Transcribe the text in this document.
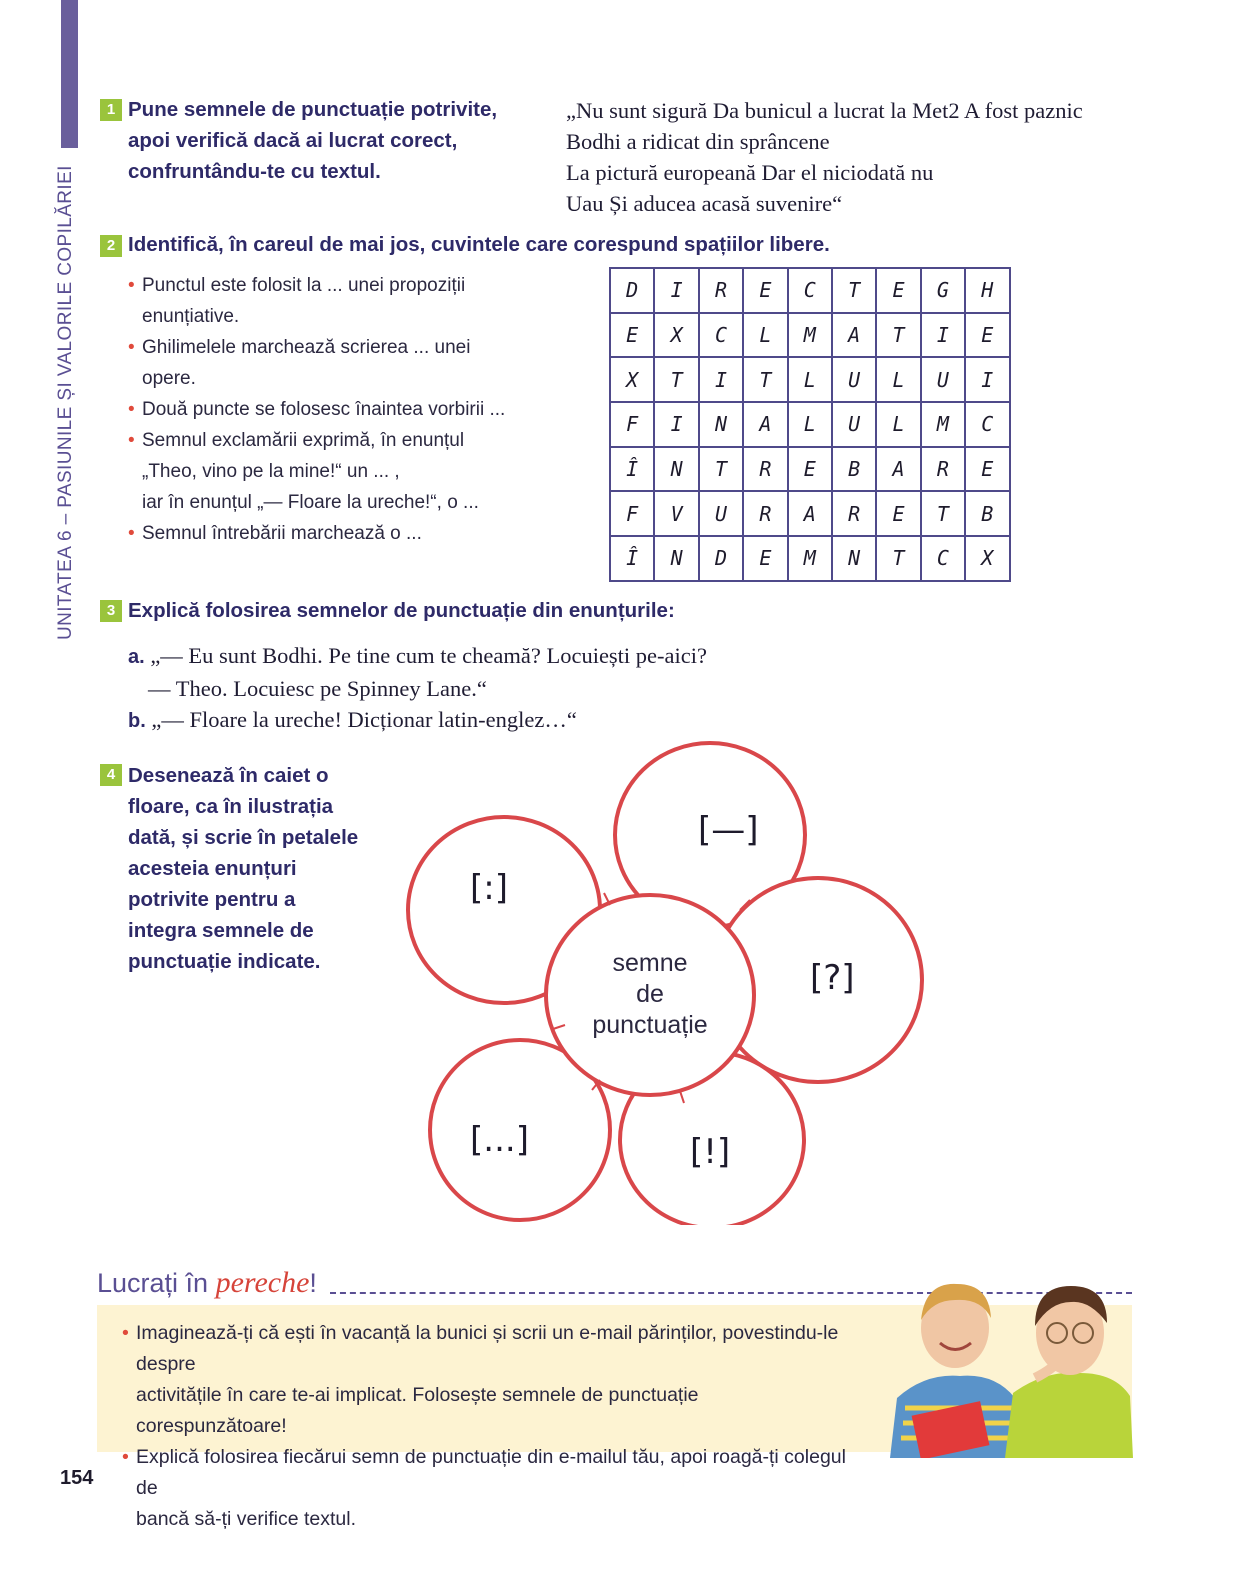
UNITATEA 6 – PASIUNILE ȘI VALORILE COPILĂRIEI
1 Pune semnele de punctuație potrivite,
apoi verifică dacă ai lucrat corect,
confruntându-te cu textul.
„Nu sunt sigură Da bunicul a lucrat la Met2 A fost paznic
Bodhi a ridicat din sprâncene
La pictură europeană Dar el niciodată nu
Uau Și aducea acasă suvenire“
2 Identifică, în careul de mai jos, cuvintele care corespund spațiilor libere.
• Punctul este folosit la ... unei propoziții
enunțiative.
• Ghilimelele marchează scrierea ... unei
opere.
• Două puncte se folosesc înaintea vorbirii ...
• Semnul exclamării exprimă, în enunțul
„Theo, vino pe la mine!“ un ... ,
iar în enunțul „— Floare la ureche!“, o ...
• Semnul întrebării marchează o ...
D	I	R	E	C	T	E	G	H
E	X	C	L	M	A	T	I	E
X	T	I	T	L	U	L	U	I
F	I	N	A	L	U	L	M	C
Î	N	T	R	E	B	A	R	E
F	V	U	R	A	R	E	T	B
Î	N	D	E	M	N	T	C	X
3 Explică folosirea semnelor de punctuație din enunțurile:
a. „— Eu sunt Bodhi. Pe tine cum te cheamă? Locuiești pe-aici?
— Theo. Locuiesc pe Spinney Lane.“
b. „— Floare la ureche! Dicționar latin-englez…“
4 Desenează în caiet o
floare, ca în ilustrația
dată, și scrie în petalele
acesteia enunțuri
potrivite pentru a
integra semnele de
punctuație indicate.
[—]
[:]
[?]
[...]	[!]
semne
de
punctuație
Lucrați în pereche!
• Imaginează-ți că ești în vacanță la bunici și scrii un e-mail părinților, povestindu-le despre
activitățile în care te-ai implicat. Folosește semnele de punctuație corespunzătoare!
• Explică folosirea fiecărui semn de punctuație din e-mailul tău, apoi roagă-ți colegul de
bancă să-ți verifice textul.
154
